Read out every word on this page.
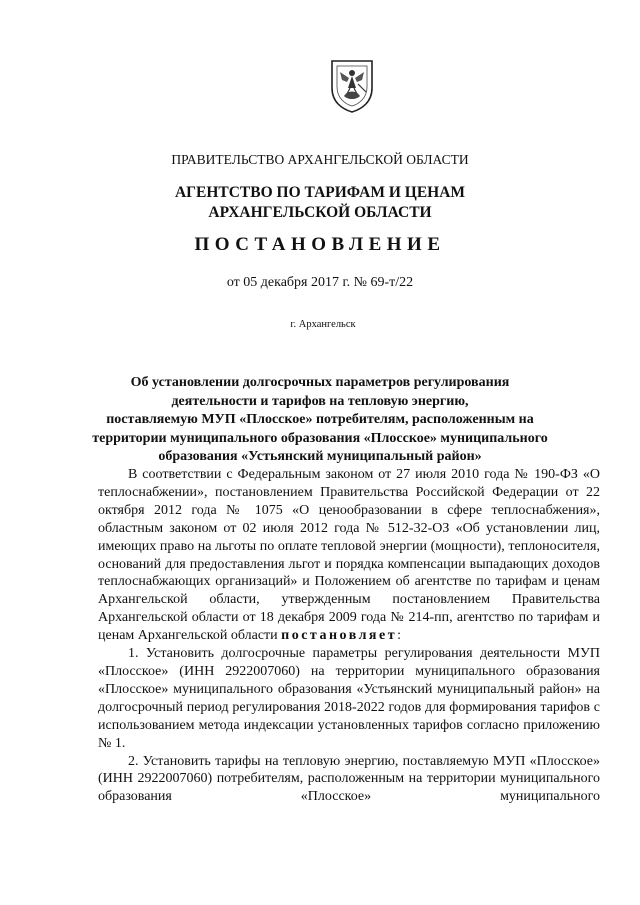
ПРАВИТЕЛЬСТВО АРХАНГЕЛЬСКОЙ ОБЛАСТИ
АГЕНТСТВО ПО ТАРИФАМ И ЦЕНАМ
АРХАНГЕЛЬСКОЙ ОБЛАСТИ
ПОСТАНОВЛЕНИЕ
от 05 декабря 2017 г. № 69-т/22
г. Архангельск
Об установлении долгосрочных параметров регулирования
деятельности и тарифов на тепловую энергию,
поставляемую МУП «Плосское» потребителям, расположенным на
территории муниципального образования «Плосское» муниципального
образования «Устьянский муниципальный район»

В соответствии с Федеральным законом от 27 июля 2010 года № 190-ФЗ «О теплоснабжении», постановлением Правительства Российской Федерации от 22 октября 2012 года № 1075 «О ценообразовании в сфере теплоснабжения», областным законом от 02 июля 2012 года № 512-32-ОЗ «Об установлении лиц, имеющих право на льготы по оплате тепловой энергии (мощности), теплоносителя, оснований для предоставления льгот и порядка компенсации выпадающих доходов теплоснабжающих организаций» и Положением об агентстве по тарифам и ценам Архангельской области, утвержденным постановлением Правительства Архангельской области от 18 декабря 2009 года № 214-пп, агентство по тарифам и ценам Архангельской области постановляет:

1. Установить долгосрочные параметры регулирования деятельности МУП «Плосское» (ИНН 2922007060) на территории муниципального образования «Плосское» муниципального образования «Устьянский муниципальный район» на долгосрочный период регулирования 2018-2022 годов для формирования тарифов с использованием метода индексации установленных тарифов согласно приложению № 1.

2. Установить тарифы на тепловую энергию, поставляемую МУП «Плосское» (ИНН 2922007060) потребителям, расположенным на территории муниципального образования «Плосское» муниципального
